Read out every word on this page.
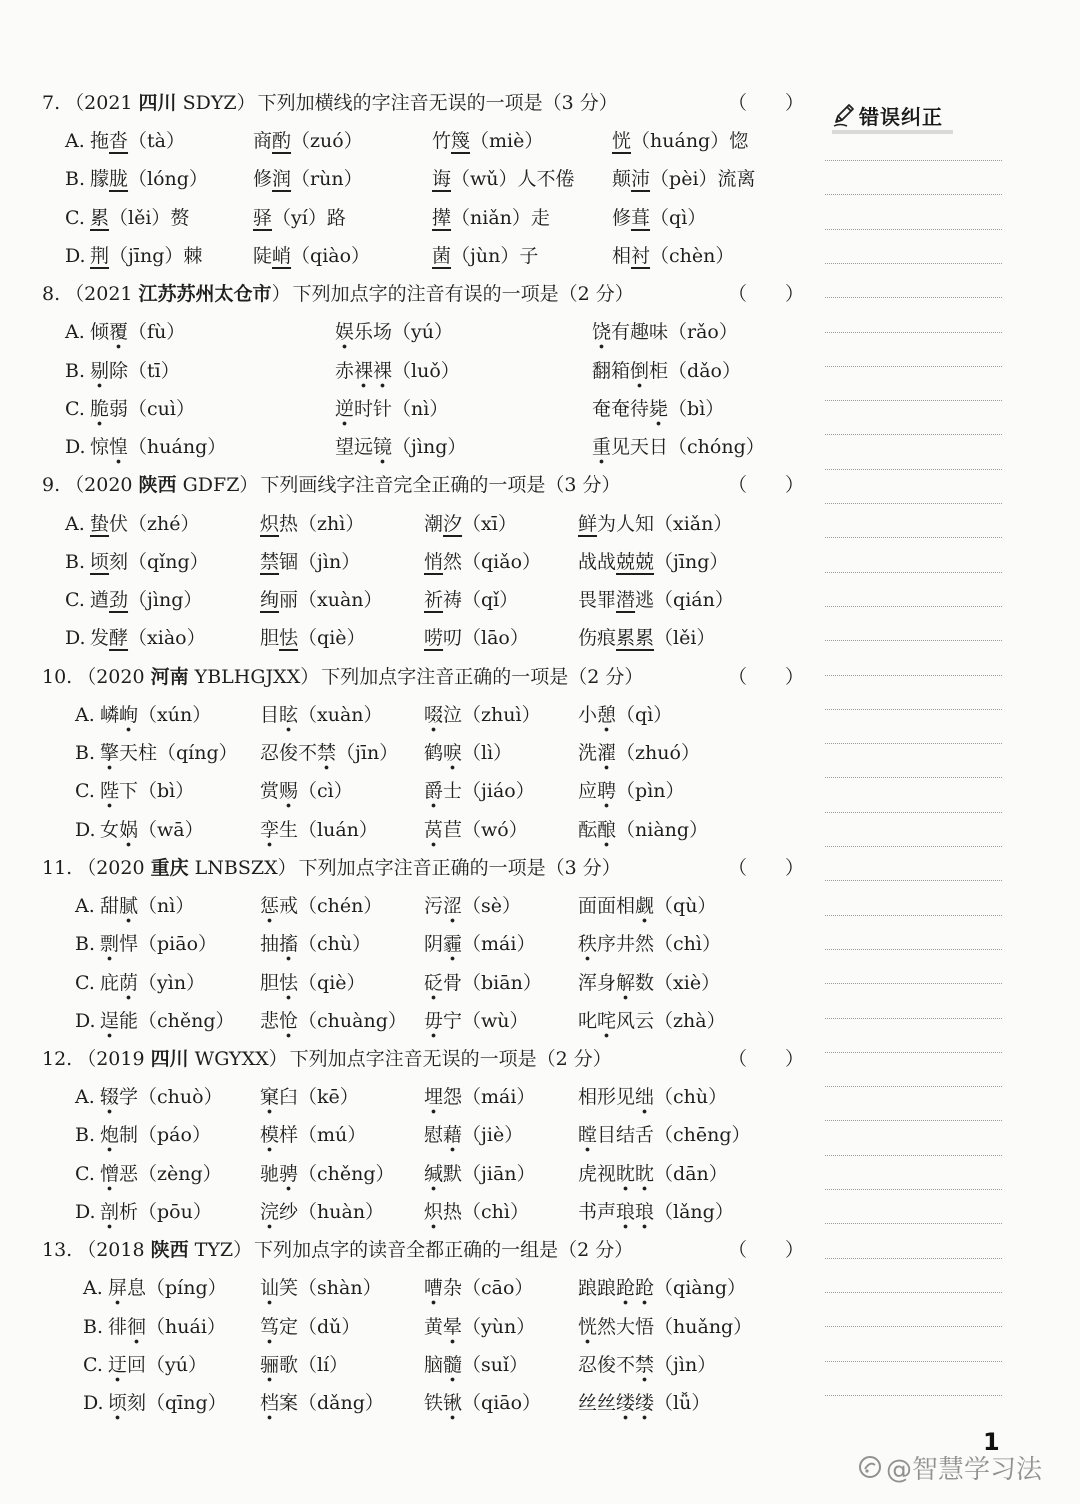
7. （2021 四川 SDYZ） 下列加横线的字注音无误的一项是（3 分）	（　　）
A. 拖沓（tà）	商酌（zuó）	竹篾（miè）	恍（huáng）惚
B. 朦胧（lóng） 修润（rùn）	诲（wǔ）人不倦 颠沛（pèi）流离
C. 累（lěi）赘	驿（yí）路	撵（niǎn）走	修葺（qì）
D. 荆（jīng）棘	陡峭（qiào）	菌（jùn）子	相衬（chèn）
8. （2021 江苏苏州太仓市） 下列加点字的注音有误的一项是（2 分）	（　　）
A. 倾覆（fù）	娱乐场（yú）	饶有趣味（rǎo）
B. 剔除（tī）	赤裸裸（luǒ）	翻箱倒柜（dǎo）
C. 脆弱（cuì）	逆时针（nì）	奄奄待毙（bì）
D. 惊惶（huáng）	望远镜（jìng）	重见天日（chóng）
9. （2020 陕西 GDFZ） 下列画线字注音完全正确的一项是（3 分）	（　　）
A. 蛰伏（zhé）	炽热（zhì）	潮汐（xī）	鲜为人知（xiǎn）
B. 顷刻（qǐng）	禁锢（jìn）	悄然（qiǎo） 战战兢兢（jīng）
C. 遒劲（jìng）	绚丽（xuàn） 祈祷（qǐ）	畏罪潜逃（qián）
D. 发酵（xiào）	胆怯（qiè）	唠叨（lāo）	伤痕累累（lěi）
10. （2020 河南 YBLHGJXX） 下列加点字注音正确的一项是（2 分）	（　　）
A. 嶙峋（xún）	目眩（xuàn） 啜泣（zhuì） 小憩（qì）
B. 擎天柱（qíng） 忍俊不禁（jīn） 鹤唳（lì）	洗濯（zhuó）
C. 陛下（bì）	赏赐（cì）	爵士（jiáo） 应聘（pìn）
D. 女娲（wā）	孪生（luán） 莴苣（wó）	酝酿（niàng）
11. （2020 重庆 LNBSZX） 下列加点字注音正确的一项是（3 分）	（　　）
A. 甜腻（nì）	惩戒（chén） 污涩（sè）	面面相觑（qù）
B. 剽悍（piāo） 抽搐（chù）	阴霾（mái） 秩序井然（chì）
C. 庇荫（yìn）	胆怯（qiè）	砭骨（biān） 浑身解数（xiè）
D. 逞能（chěng） 悲怆（chuàng） 毋宁（wù）	叱咤风云（zhà）
12. （2019 四川 WGYXX） 下列加点字注音无误的一项是（2 分）	（　　）
A. 辍学（chuò） 窠臼（kē）	埋怨（mái） 相形见绌（chù）
B. 炮制（páo）	模样（mú）	慰藉（jiè）	瞠目结舌（chēng）
C. 憎恶（zèng） 驰骋（chěng） 缄默（jiān） 虎视眈眈（dān）
D. 剖析（pōu）	浣纱（huàn） 炽热（chì）	书声琅琅（lǎng）
13. （2018 陕西 TYZ） 下列加点字的读音全都正确的一组是（2 分）	（　　）
A. 屏息（píng） 讪笑（shàn） 嘈杂（cāo） 踉踉跄跄（qiàng）
B. 徘徊（huái） 笃定（dǔ）	黄晕（yùn） 恍然大悟（huǎng）
C. 迂回（yú）	骊歌（lí）	脑髓（suǐ）	忍俊不禁（jìn）
D. 顷刻（qīng） 档案（dǎng） 铁锹（qiāo） 丝丝缕缕（lǚ）
错误纠正
1
@智慧学习法
